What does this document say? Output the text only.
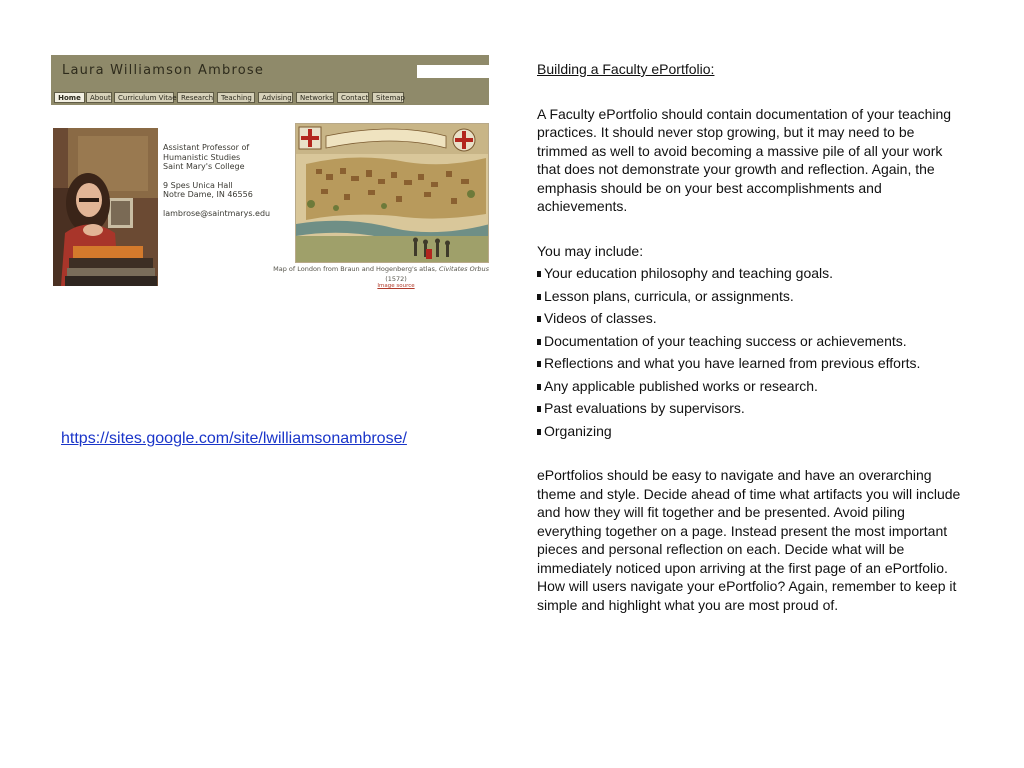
Laura Williamson Ambrose
Home	About	Curriculum Vitae Research	Teaching	Advising	Networks	Contact	Sitemap
Assistant Professor of
Humanistic Studies
Saint Mary's College
9 Spes Unica Hall
Notre Dame, IN 46556
lambrose@saintmarys.edu
Map of London from Braun and Hogenberg's atlas, Civitates Orbus
(1572)
Image source
https://sites.google.com/site/lwilliamsonambrose/

Building a Faculty ePortfolio:

A Faculty ePortfolio should contain documentation of your teaching practices. It should never stop growing, but it may need to be trimmed as well to avoid becoming a massive pile of all your work that does not demonstrate your growth and reflection. Again, the emphasis should be on your best accomplishments and achievements.

You may include:

Your education philosophy and teaching goals.
Lesson plans, curricula, or assignments.
Videos of classes.
Documentation of your teaching success or achievements.
Reflections and what you have learned from previous efforts.
Any applicable published works or research.
Past evaluations by supervisors.
Organizing

ePortfolios should be easy to navigate and have an overarching theme and style. Decide ahead of time what artifacts you will include and how they will fit together and be presented. Avoid piling everything together on a page. Instead present the most important pieces and personal reflection on each. Decide what will be immediately noticed upon arriving at the first page of an ePortfolio. How will users navigate your ePortfolio? Again, remember to keep it simple and highlight what you are most proud of.
